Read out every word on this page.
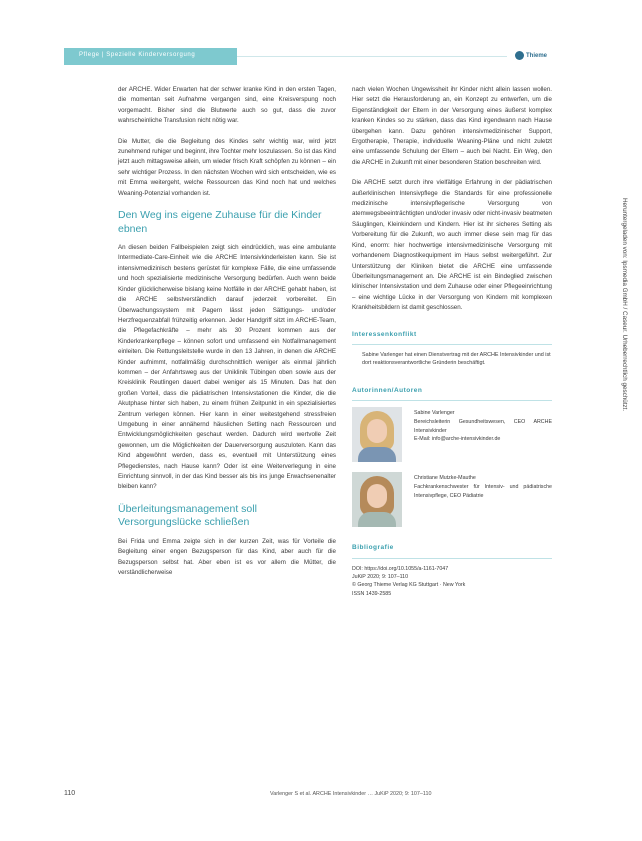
Pflege | Spezielle Kinderversorgung	Thieme

der ARCHE. Wider Erwarten hat der schwer kranke Kind in den ersten Tagen, die momentan seit Aufnahme vergangen sind, eine Kreisverspung noch vorgemacht. Bisher sind die Blutwerte auch so gut, dass die zuvor wahrscheinliche Transfusion nicht nötig war.

Die Mutter, die die Begleitung des Kindes sehr wichtig war, wird jetzt zunehmend ruhiger und beginnt, ihre Tochter mehr loszulassen. So ist das Kind jetzt auch mittagsweise allein, um wieder frisch Kraft schöpfen zu können – ein sehr wichtiger Prozess. In den nächsten Wochen wird sich entscheiden, wie es mit Emma weitergeht, welche Ressourcen das Kind noch hat und welches Weaning-Potenzial vorhanden ist.

Den Weg ins eigene Zuhause für die Kinder ebnen

An diesen beiden Fallbeispielen zeigt sich eindrücklich, was eine ambulante Intermediate-Care-Einheit wie die ARCHE Intensivkinderleisten kann. Sie ist intensivmedizinisch bestens gerüstet für komplexe Fälle, die eine umfassende und hoch spezialisierte medizinische Versorgung bedürfen. Auch wenn beide Kinder glücklicherweise bislang keine Notfälle in der ARCHE gehabt haben, ist die ARCHE selbstverständlich darauf jederzeit vorbereitet. Ein Überwachungssystem mit Pagern lässt jeden Sättigungs- und/oder Herzfrequenzabfall frühzeitig erkennen. Jeder Handgriff sitzt im ARCHE-Team, die Pflegefachkräfte – mehr als 30 Prozent kommen aus der Kinderkrankenpflege – können sofort und umfassend ein Notfallmanagement einleiten. Die Rettungsleitstelle wurde in den 13 Jahren, in denen die ARCHE Kinder aufnimmt, notfallmäßig durchschnittlich weniger als einmal jährlich kommen – der Anfahrtsweg aus der Uniklinik Tübingen oben sowie aus der Kreisklinik Reutlingen dauert dabei weniger als 15 Minuten. Das hat den großen Vorteil, dass die pädiatrischen Intensivstationen die Kinder, die die Akutphase hinter sich haben, zu einem frühen Zeitpunkt in ein spezialisiertes Zentrum verlegen können. Hier kann in einer weitestgehend stressfreien Umgebung in einer annähernd häuslichen Setting nach Ressourcen und Entwicklungsmöglichkeiten geschaut werden. Dadurch wird wertvolle Zeit gewonnen, um die Möglichkeiten der Dauerversorgung auszuloten. Kann das Kind abgewöhnt werden, dass es, eventuell mit Unterstützung eines Pflegedienstes, nach Hause kann? Oder ist eine Weiterverlegung in eine Einrichtung sinnvoll, in der das Kind besser als bis ins junge Erwachsenenalter bleiben kann?

Überleitungsmanagement soll Versorgungslücke schließen

Bei Frida und Emma zeigte sich in der kurzen Zeit, was für Vorteile die Begleitung einer engen Bezugsperson für das Kind, aber auch für die Bezugsperson selbst hat. Aber eben ist es vor allem die Mütter, die verständlicherweise

nach vielen Wochen Ungewissheit ihr Kinder nicht allein lassen wollen. Hier setzt die Herausforderung an, ein Konzept zu entwerfen, um die Eigenständigkeit der Eltern in der Versorgung eines äußerst komplex kranken Kindes so zu stärken, dass das Kind irgendwann nach Hause übergehen kann. Dazu gehören intensivmedizinischer Support, Ergotherapie, Therapie, individuelle Weaning-Pläne und nicht zuletzt eine umfassende Schulung der Eltern – auch bei Nacht. Ein Weg, den die ARCHE in Zukunft mit einer besonderen Station beschreiten wird.

Die ARCHE setzt durch ihre vielfältige Erfahrung in der pädiatrischen außerklinischen Intensivpflege die Standards für eine professionelle medizinische intensivpflegerische Versorgung von atemwegsbeeinträchtigten und/oder invasiv oder nicht-invasiv beatmeten Säuglingen, Kleinkindern und Kindern. Hier ist ihr sicheres Setting als Vorbereitung für die Zukunft, wo auch immer diese sein mag für das Kind, enorm: hier hochwertige intensivmedizinische Versorgung mit vorhandenem Diagnostikequipment im Haus selbst weitergeführt. Zur Unterstützung der Kliniken bietet die ARCHE eine umfassende Überleitungsmanagement an. Die ARCHE ist ein Bindeglied zwischen klinischer Intensivstation und dem Zuhause oder einer Pflegeeinrichtung – eine wichtige Lücke in der Versorgung von Kindern mit komplexen Krankheitsbildern ist damit geschlossen.

Interessenkonflikt
Sabine Varlenger hat einen Dienstvertrag mit der ARCHE Intensivkinder und ist dort reaktionsverantwortliche Gründerin beschäftigt.
Autorinnen/Autoren
Sabine Varlenger
Bereichsleiterin Gesundheitswesen, CEO ARCHE Intensivkinder
E-Mail: info@arche-intensivkinder.de
Christiane Mutzke-Mauthe
Fachkrankenschwester für Intensiv- und pädiatrische Intensivpflege, CEO Pädiatrie
Bibliografie
DOI: https://doi.org/10.1055/a-1161-7047
JuKiP 2020; 9: 107–110
© Georg Thieme Verlag KG Stuttgart · New York
ISSN 1439-2585
Heruntergeladen von: Ipsmedia GmbH / Caseur. Urheberrechtlich geschützt.
110	Varlenger S et al. ARCHE Intensivkinder … JuKiP 2020; 9: 107–110
